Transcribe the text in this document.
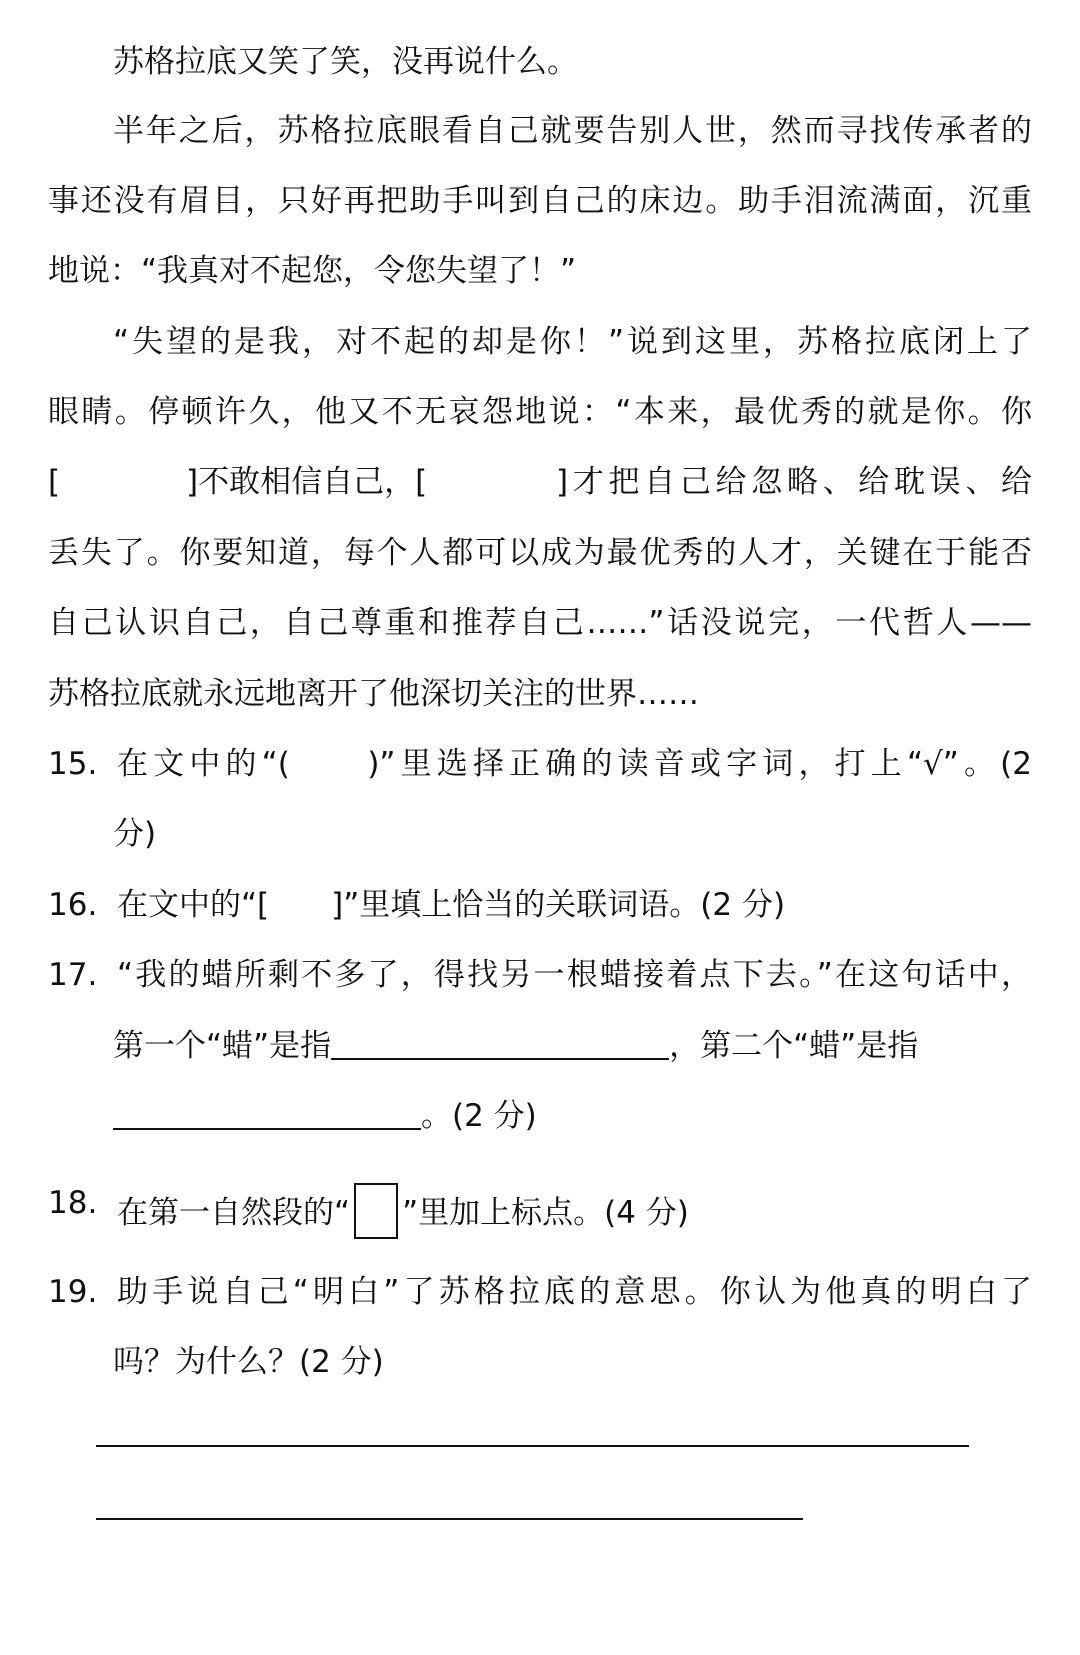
苏格拉底又笑了笑，没再说什么。
半年之后，苏格拉底眼看自己就要告别人世，然而寻找传承者的
事还没有眉目，只好再把助手叫到自己的床边。助手泪流满面，沉重
地说：“我真对不起您，令您失望了！”
“失望的是我，对不起的却是你！”说到这里，苏格拉底闭上了
眼睛。停顿许久，他又不无哀怨地说：“本来，最优秀的就是你。你
[	]不敢相信自己，[	]才把自己给忽略、给耽误、给
丢失了。你要知道，每个人都可以成为最优秀的人才，关键在于能否
自己认识自己，自己尊重和推荐自己……”话没说完，一代哲人——
苏格拉底就永远地离开了他深切关注的世界……
15. 在文中的“(　　)”里选择正确的读音或字词，打上“√”。(2
分)
16. 在文中的“[　　]”里填上恰当的关联词语。(2 分)
17. “我的蜡所剩不多了，得找另一根蜡接着点下去。”在这句话中，
第一个“蜡”是指	，第二个“蜡”是指
。(2 分)
18. 在第一自然段的“ ”里加上标点。(4 分)
19. 助手说自己“明白”了苏格拉底的意思。你认为他真的明白了
吗？为什么？(2 分)
